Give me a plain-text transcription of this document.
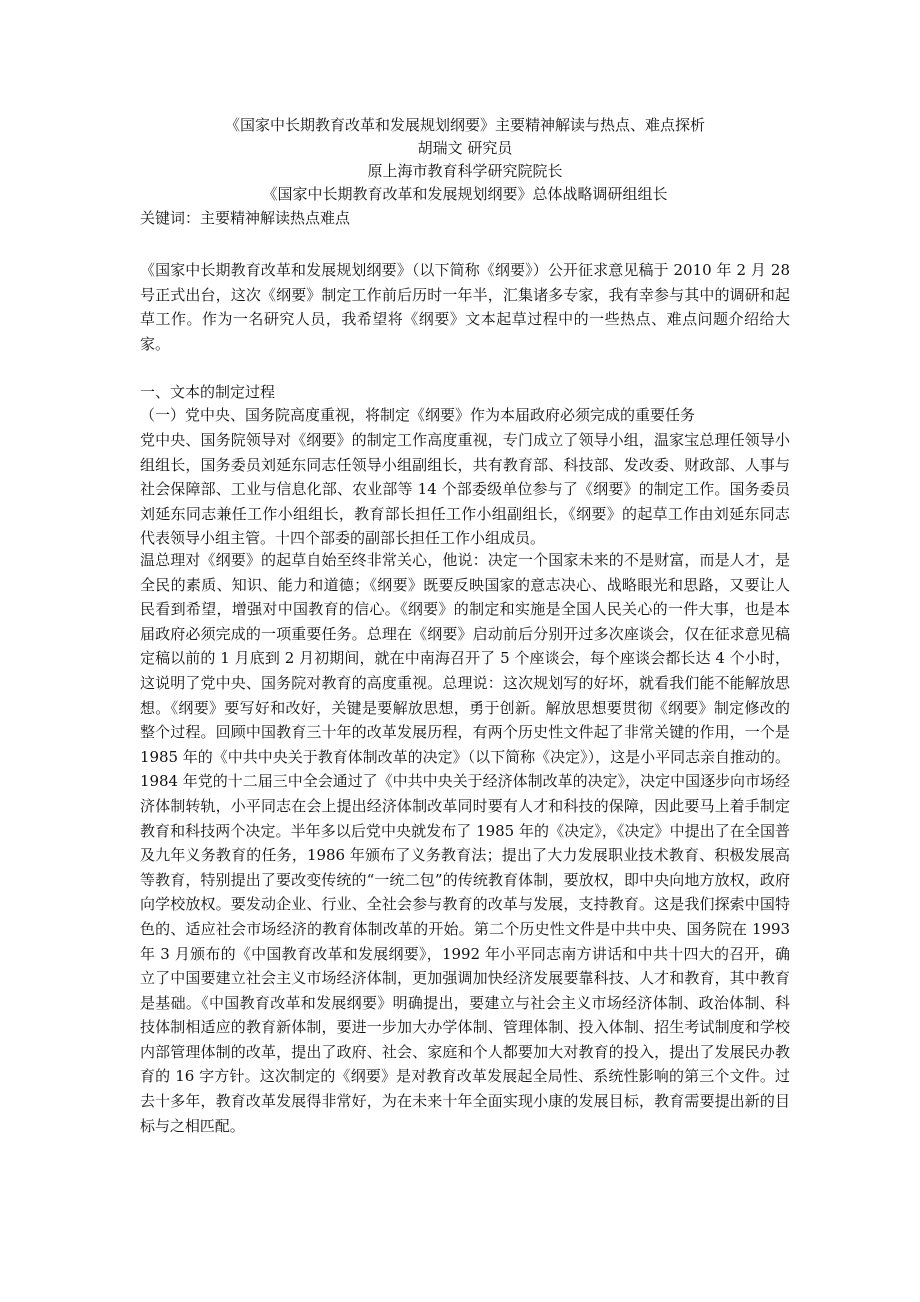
《国家中长期教育改革和发展规划纲要》主要精神解读与热点、难点探析
胡瑞文 研究员
原上海市教育科学研究院院长
《国家中长期教育改革和发展规划纲要》总体战略调研组组长
关键词：主要精神解读热点难点
《国家中长期教育改革和发展规划纲要》（以下简称《纲要》）公开征求意见稿于 2010 年 2 月 28 号正式出台，这次《纲要》制定工作前后历时一年半，汇集诸多专家，我有幸参与其中的调研和起草工作。作为一名研究人员，我希望将《纲要》文本起草过程中的一些热点、难点问题介绍给大家。
一、文本的制定过程
（一）党中央、国务院高度重视，将制定《纲要》作为本届政府必须完成的重要任务
党中央、国务院领导对《纲要》的制定工作高度重视，专门成立了领导小组，温家宝总理任领导小组组长，国务委员刘延东同志任领导小组副组长，共有教育部、科技部、发改委、财政部、人事与社会保障部、工业与信息化部、农业部等 14 个部委级单位参与了《纲要》的制定工作。国务委员刘延东同志兼任工作小组组长，教育部长担任工作小组副组长，《纲要》的起草工作由刘延东同志代表领导小组主管。十四个部委的副部长担任工作小组成员。
温总理对《纲要》的起草自始至终非常关心，他说：决定一个国家未来的不是财富，而是人才，是全民的素质、知识、能力和道德；《纲要》既要反映国家的意志决心、战略眼光和思路，又要让人民看到希望，增强对中国教育的信心。《纲要》的制定和实施是全国人民关心的一件大事，也是本届政府必须完成的一项重要任务。总理在《纲要》启动前后分别开过多次座谈会，仅在征求意见稿定稿以前的 1 月底到 2 月初期间，就在中南海召开了 5 个座谈会，每个座谈会都长达 4 个小时，这说明了党中央、国务院对教育的高度重视。总理说：这次规划写的好坏，就看我们能不能解放思想。《纲要》要写好和改好，关键是要解放思想，勇于创新。解放思想要贯彻《纲要》制定修改的整个过程。回顾中国教育三十年的改革发展历程，有两个历史性文件起了非常关键的作用，一个是 1985 年的《中共中央关于教育体制改革的决定》（以下简称《决定》），这是小平同志亲自推动的。1984 年党的十二届三中全会通过了《中共中央关于经济体制改革的决定》，决定中国逐步向市场经济体制转轨，小平同志在会上提出经济体制改革同时要有人才和科技的保障，因此要马上着手制定教育和科技两个决定。半年多以后党中央就发布了 1985 年的《决定》，《决定》中提出了在全国普及九年义务教育的任务，1986 年颁布了义务教育法；提出了大力发展职业技术教育、积极发展高等教育，特别提出了要改变传统的“一统二包”的传统教育体制，要放权，即中央向地方放权，政府向学校放权。要发动企业、行业、全社会参与教育的改革与发展，支持教育。这是我们探索中国特色的、适应社会市场经济的教育体制改革的开始。第二个历史性文件是中共中央、国务院在 1993 年 3 月颁布的《中国教育改革和发展纲要》，1992 年小平同志南方讲话和中共十四大的召开，确立了中国要建立社会主义市场经济体制，更加强调加快经济发展要靠科技、人才和教育，其中教育是基础。《中国教育改革和发展纲要》明确提出，要建立与社会主义市场经济体制、政治体制、科技体制相适应的教育新体制，要进一步加大办学体制、管理体制、投入体制、招生考试制度和学校内部管理体制的改革，提出了政府、社会、家庭和个人都要加大对教育的投入，提出了发展民办教育的 16 字方针。这次制定的《纲要》是对教育改革发展起全局性、系统性影响的第三个文件。过去十多年，教育改革发展得非常好，为在未来十年全面实现小康的发展目标，教育需要提出新的目标与之相匹配。
